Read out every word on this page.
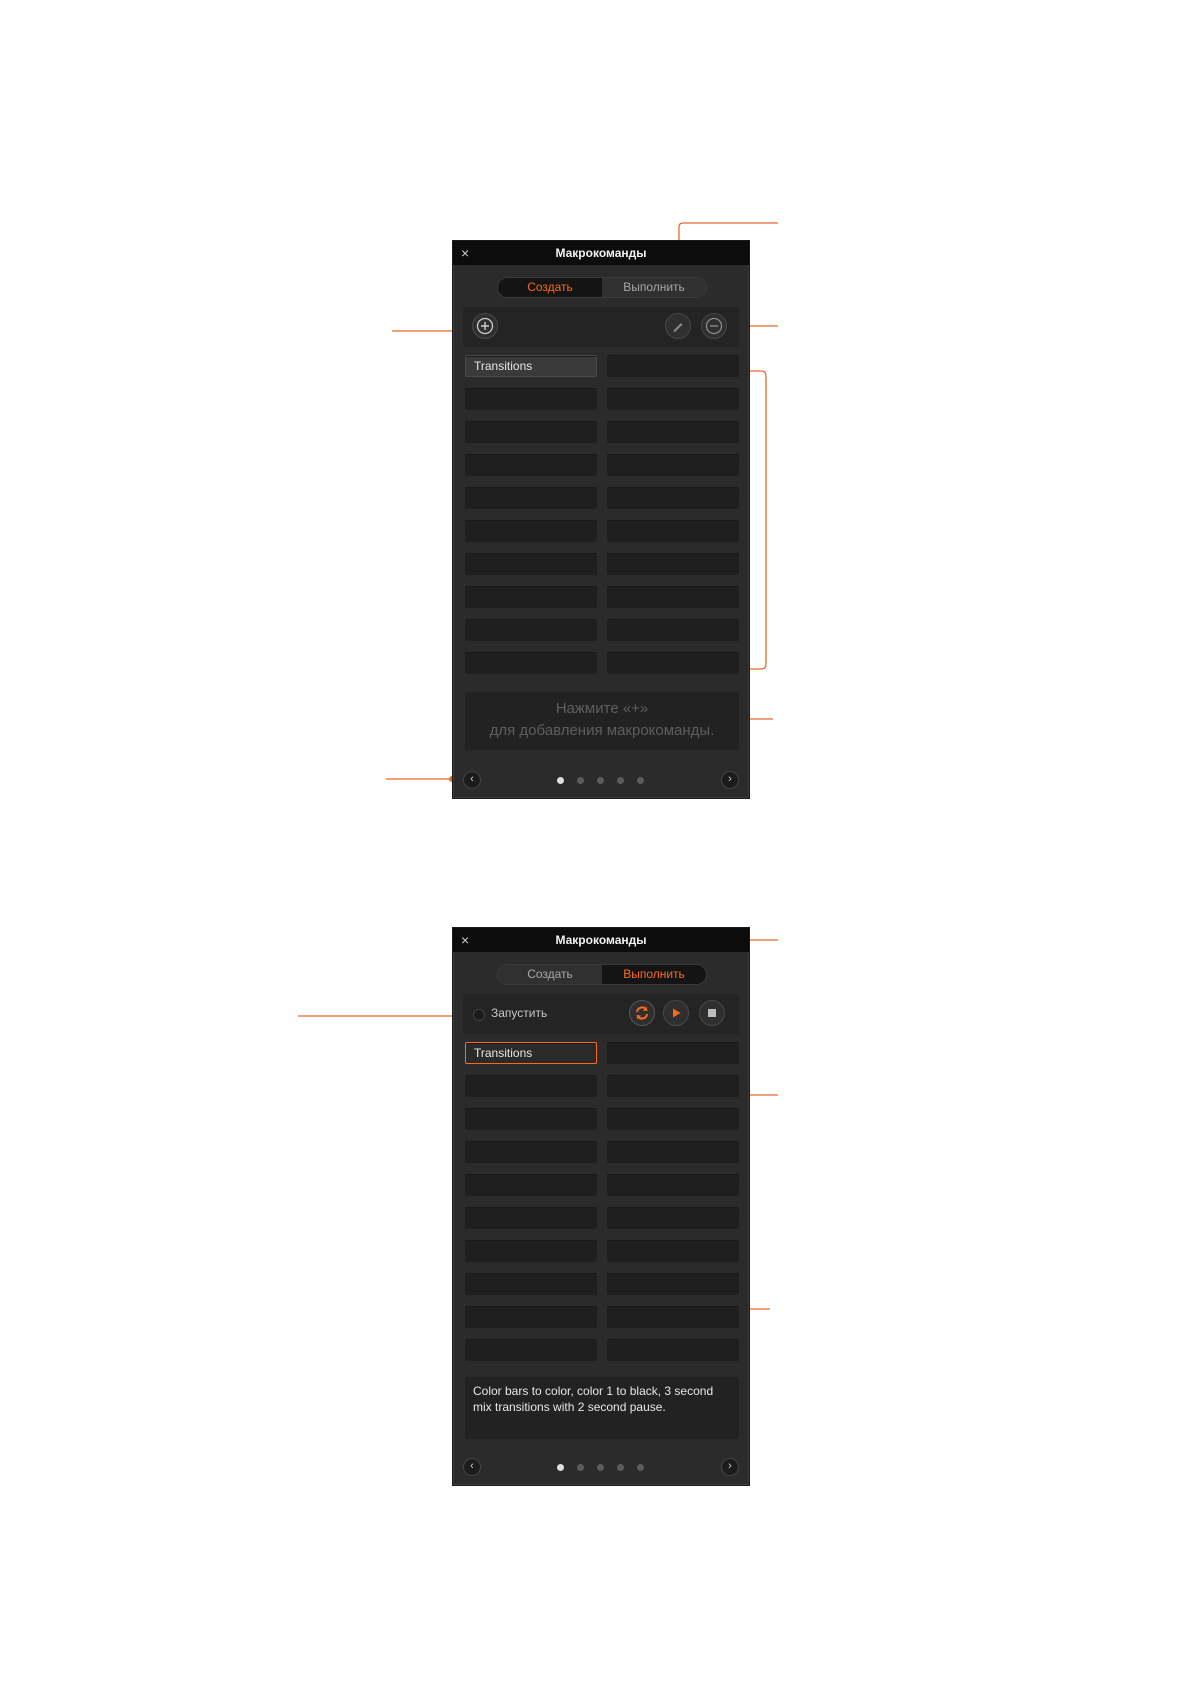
×	Макрокоманды
Создать	Выполнить
Transitions
Нажмите «+»
для добавления макрокоманды.
‹	›
×	Макрокоманды
Создать	Выполнить
Запустить
Transitions
Color bars to color, color 1 to black, 3 second
mix transitions with 2 second pause.
‹	›
